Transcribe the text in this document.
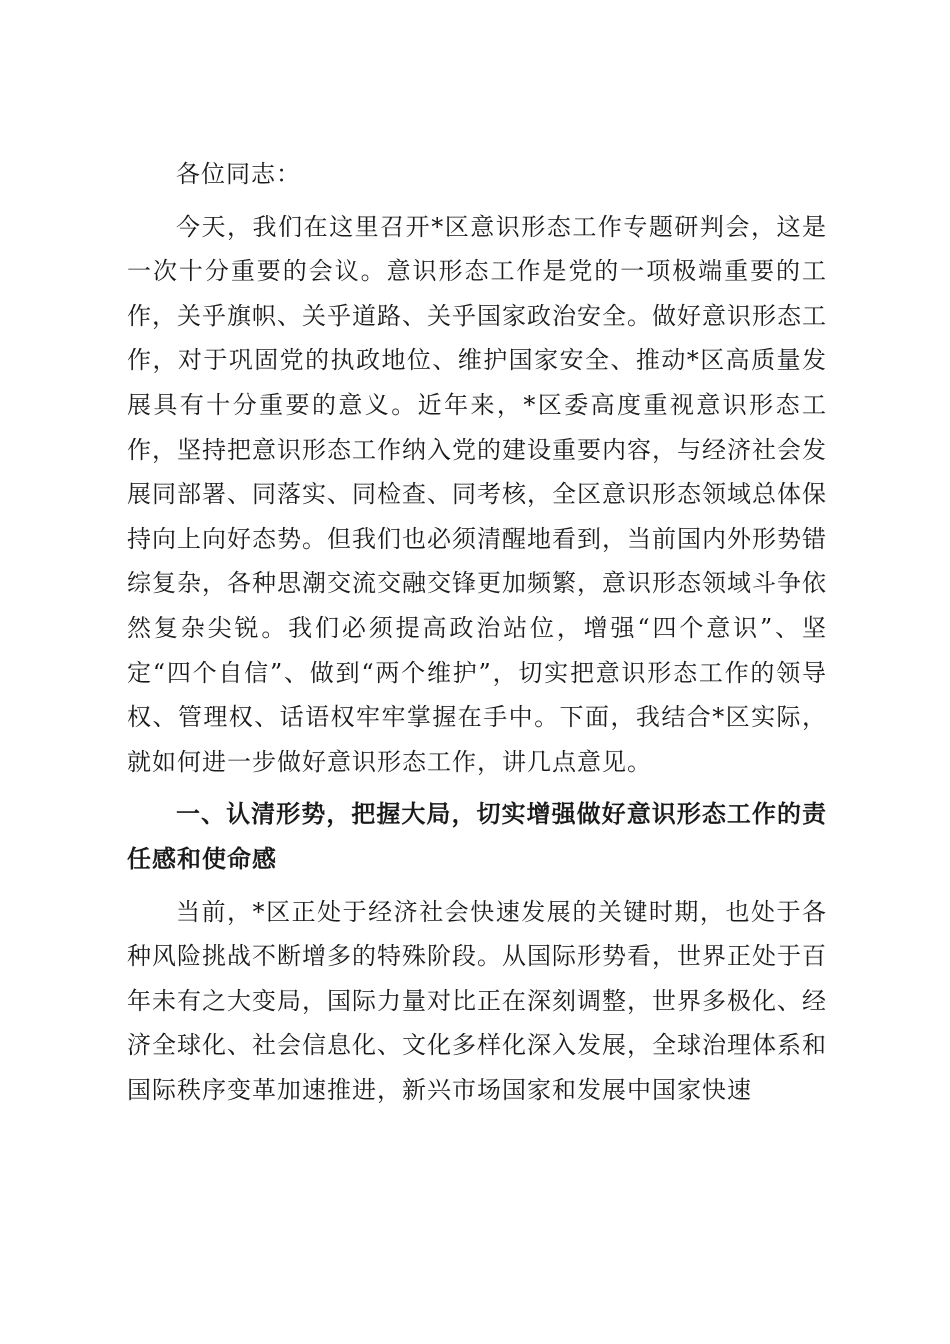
各位同志：

今天，我们在这里召开*区意识形态工作专题研判会，这是一次十分重要的会议。意识形态工作是党的一项极端重要的工作，关乎旗帜、关乎道路、关乎国家政治安全。做好意识形态工作，对于巩固党的执政地位、维护国家安全、推动*区高质量发展具有十分重要的意义。近年来，*区委高度重视意识形态工作，坚持把意识形态工作纳入党的建设重要内容，与经济社会发展同部署、同落实、同检查、同考核，全区意识形态领域总体保持向上向好态势。但我们也必须清醒地看到，当前国内外形势错综复杂，各种思潮交流交融交锋更加频繁，意识形态领域斗争依然复杂尖锐。我们必须提高政治站位，增强“四个意识”、坚定“四个自信”、做到“两个维护”，切实把意识形态工作的领导权、管理权、话语权牢牢掌握在手中。下面，我结合*区实际，就如何进一步做好意识形态工作，讲几点意见。

一、认清形势，把握大局，切实增强做好意识形态工作的责任感和使命感

当前，*区正处于经济社会快速发展的关键时期，也处于各种风险挑战不断增多的特殊阶段。从国际形势看，世界正处于百年未有之大变局，国际力量对比正在深刻调整，世界多极化、经济全球化、社会信息化、文化多样化深入发展，全球治理体系和国际秩序变革加速推进，新兴市场国家和发展中国家快速
